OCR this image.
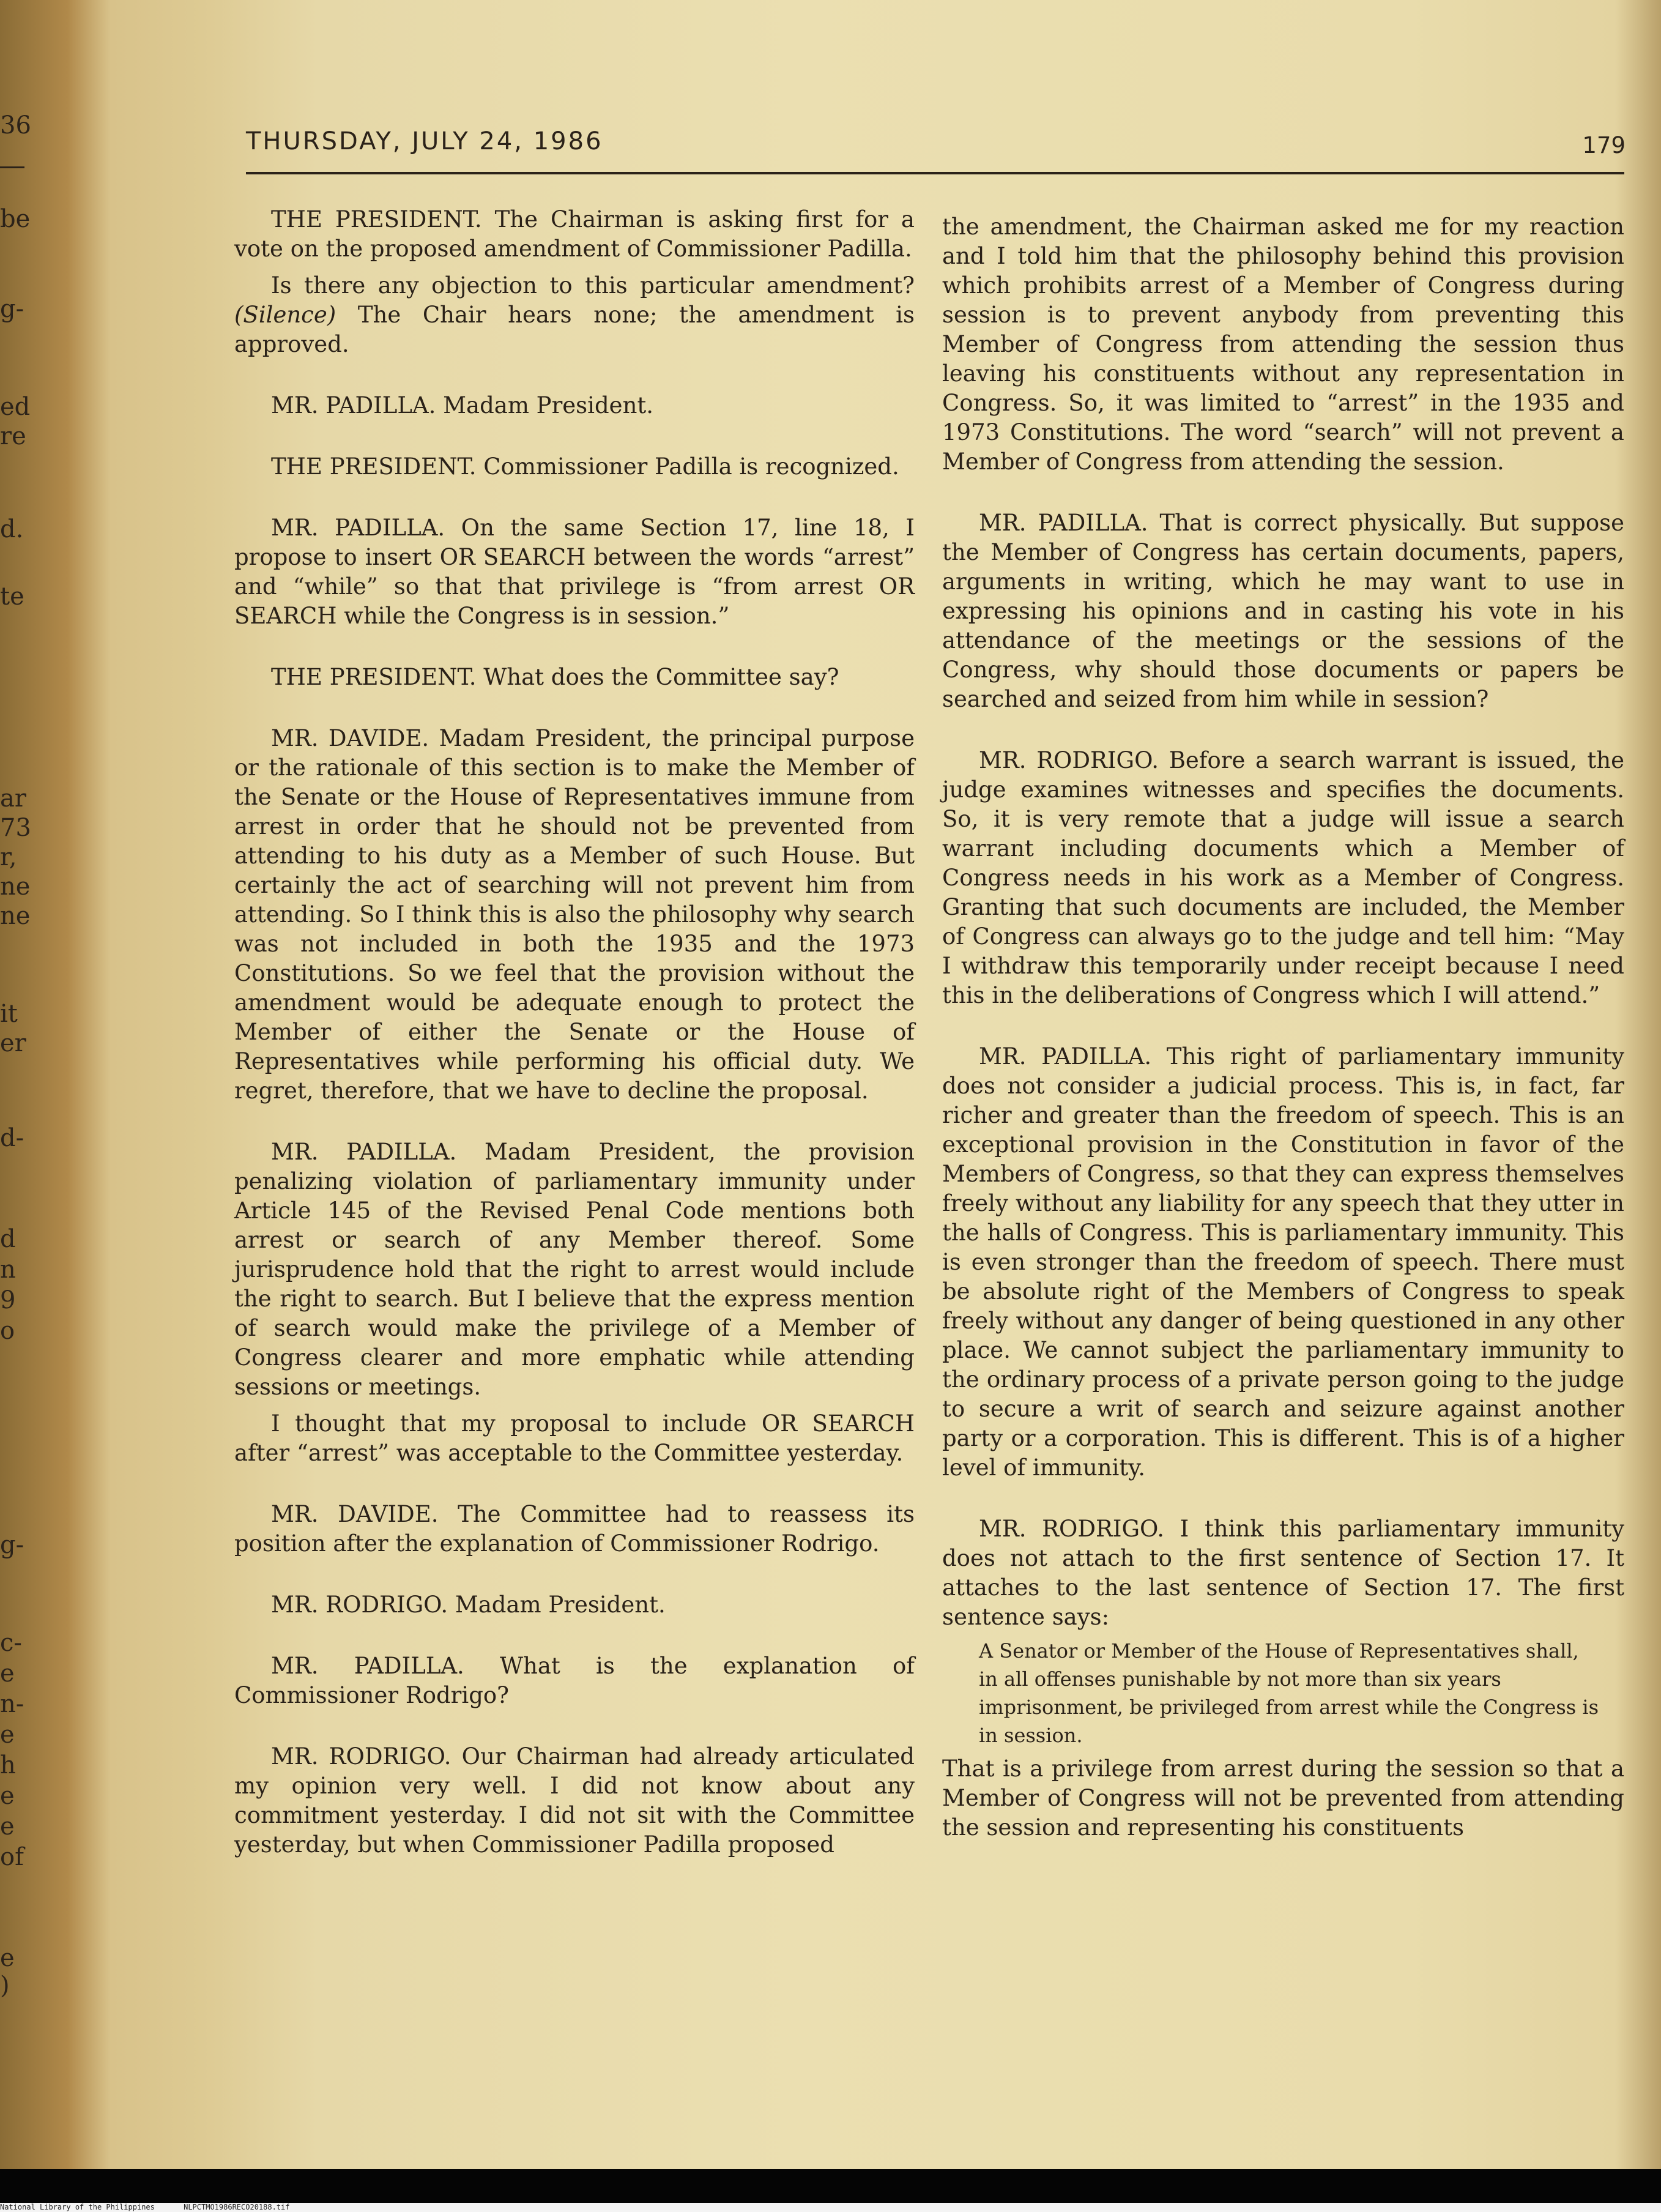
36
be
g-
ed
re
d.
te
ar
73
r,
ne
ne
it
er
d-
d
n
9
o
g-
c-
e
n-
e
h
e
e
of
e
)
THURSDAY, JULY 24, 1986	179

THE PRESIDENT. The Chairman is asking first for a vote on the proposed amendment of Commissioner Padilla.

Is there any objection to this particular amendment? (Silence) The Chair hears none; the amendment is approved.

MR. PADILLA. Madam President.

THE PRESIDENT. Commissioner Padilla is recognized.

MR. PADILLA. On the same Section 17, line 18, I propose to insert OR SEARCH between the words “arrest” and “while” so that that privilege is “from arrest OR SEARCH while the Congress is in session.”

THE PRESIDENT. What does the Committee say?

MR. DAVIDE. Madam President, the principal purpose or the rationale of this section is to make the Member of the Senate or the House of Representatives immune from arrest in order that he should not be prevented from attending to his duty as a Member of such House. But certainly the act of searching will not prevent him from attending. So I think this is also the philosophy why search was not included in both the 1935 and the 1973 Constitutions. So we feel that the provision without the amendment would be adequate enough to protect the Member of either the Senate or the House of Representatives while performing his official duty. We regret, therefore, that we have to decline the proposal.

MR. PADILLA. Madam President, the provision penalizing violation of parliamentary immunity under Article 145 of the Revised Penal Code mentions both arrest or search of any Member thereof. Some jurisprudence hold that the right to arrest would include the right to search. But I believe that the express mention of search would make the privilege of a Member of Congress clearer and more emphatic while attending sessions or meetings.

I thought that my proposal to include OR SEARCH after “arrest” was acceptable to the Committee yesterday.

MR. DAVIDE. The Committee had to reassess its position after the explanation of Commissioner Rodrigo.

MR. RODRIGO. Madam President.

MR. PADILLA. What is the explanation of Commissioner Rodrigo?

MR. RODRIGO. Our Chairman had already articulated my opinion very well. I did not know about any commitment yesterday. I did not sit with the Committee yesterday, but when Commissioner Padilla proposed

the amendment, the Chairman asked me for my reaction and I told him that the philosophy behind this provision which prohibits arrest of a Member of Congress during session is to prevent anybody from preventing this Member of Congress from attending the session thus leaving his constituents without any representation in Congress. So, it was limited to “arrest” in the 1935 and 1973 Constitutions. The word “search” will not prevent a Member of Congress from attending the session.

MR. PADILLA. That is correct physically. But suppose the Member of Congress has certain documents, papers, arguments in writing, which he may want to use in expressing his opinions and in casting his vote in his attendance of the meetings or the sessions of the Congress, why should those documents or papers be searched and seized from him while in session?

MR. RODRIGO. Before a search warrant is issued, the judge examines witnesses and specifies the documents. So, it is very remote that a judge will issue a search warrant including documents which a Member of Congress needs in his work as a Member of Congress. Granting that such documents are included, the Member of Congress can always go to the judge and tell him: “May I withdraw this temporarily under receipt because I need this in the deliberations of Congress which I will attend.”

MR. PADILLA. This right of parliamentary immunity does not consider a judicial process. This is, in fact, far richer and greater than the freedom of speech. This is an exceptional provision in the Constitution in favor of the Members of Congress, so that they can express themselves freely without any liability for any speech that they utter in the halls of Congress. This is parliamentary immunity. This is even stronger than the freedom of speech. There must be absolute right of the Members of Congress to speak freely without any danger of being questioned in any other place. We cannot subject the parliamentary immunity to the ordinary process of a private person going to the judge to secure a writ of search and seizure against another party or a corporation. This is different. This is of a higher level of immunity.

MR. RODRIGO. I think this parliamentary immunity does not attach to the first sentence of Section 17. It attaches to the last sentence of Section 17. The first sentence says:

A Senator or Member of the House of Representatives shall, in all offenses punishable by not more than six years imprisonment, be privileged from arrest while the Congress is in session.

That is a privilege from arrest during the session so that a Member of Congress will not be prevented from attending the session and representing his constituents

National Library of the Philippines	NLPCTMO1986RECO20188.tif
